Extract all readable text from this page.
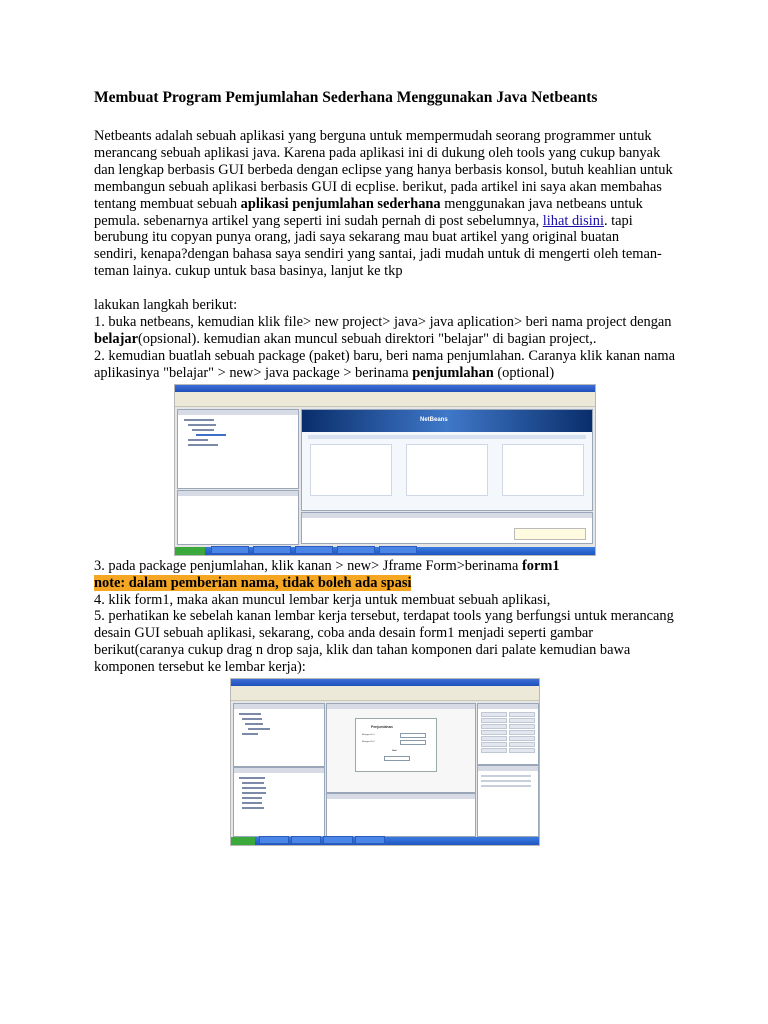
Membuat Program Pemjumlahan Sederhana Menggunakan Java Netbeants

Netbeants adalah sebuah aplikasi yang berguna untuk mempermudah seorang programmer untuk merancang sebuah aplikasi java. Karena pada aplikasi ini di dukung oleh tools yang cukup banyak dan lengkap berbasis GUI berbeda dengan eclipse yang hanya berbasis konsol, butuh keahlian untuk membangun sebuah aplikasi berbasis GUI di ecplise. berikut, pada artikel ini saya akan membahas tentang membuat sebuah aplikasi penjumlahan sederhana menggunakan java netbeans untuk pemula. sebenarnya artikel yang seperti ini sudah pernah di post sebelumnya, lihat disini. tapi berubung itu copyan punya orang, jadi saya sekarang mau buat artikel yang original buatan

sendiri, kenapa?dengan bahasa saya sendiri yang santai, jadi mudah untuk di mengerti oleh teman-teman lainya. cukup untuk basa basinya, lanjut ke tkp

lakukan langkah berikut:

1. buka netbeans, kemudian klik file> new project> java> java aplication> beri nama project dengan belajar(opsional). kemudian akan muncul sebuah direktori "belajar" di bagian project,.

2. kemudian buatlah sebuah package (paket) baru, beri nama penjumlahan. Caranya klik kanan nama aplikasinya "belajar" > new> java package > berinama penjumlahan (optional)

NetBeans

3. pada package penjumlahan, klik kanan > new> Jframe Form>berinama form1

note: dalam pemberian nama, tidak boleh ada spasi

4. klik form1, maka akan muncul lembar kerja untuk membuat sebuah aplikasi,

5. perhatikan ke sebelah kanan lembar kerja tersebut, terdapat tools yang berfungsi untuk merancang desain GUI sebuah aplikasi, sekarang, coba anda desain form1 menjadi seperti gambar berikut(caranya cukup drag n drop saja, klik dan tahan komponen dari palate kemudian bawa komponen tersebut ke lembar kerja):

Penjumlahan
Bilangan Ke-1
Bilangan Ke-2
Hasil
